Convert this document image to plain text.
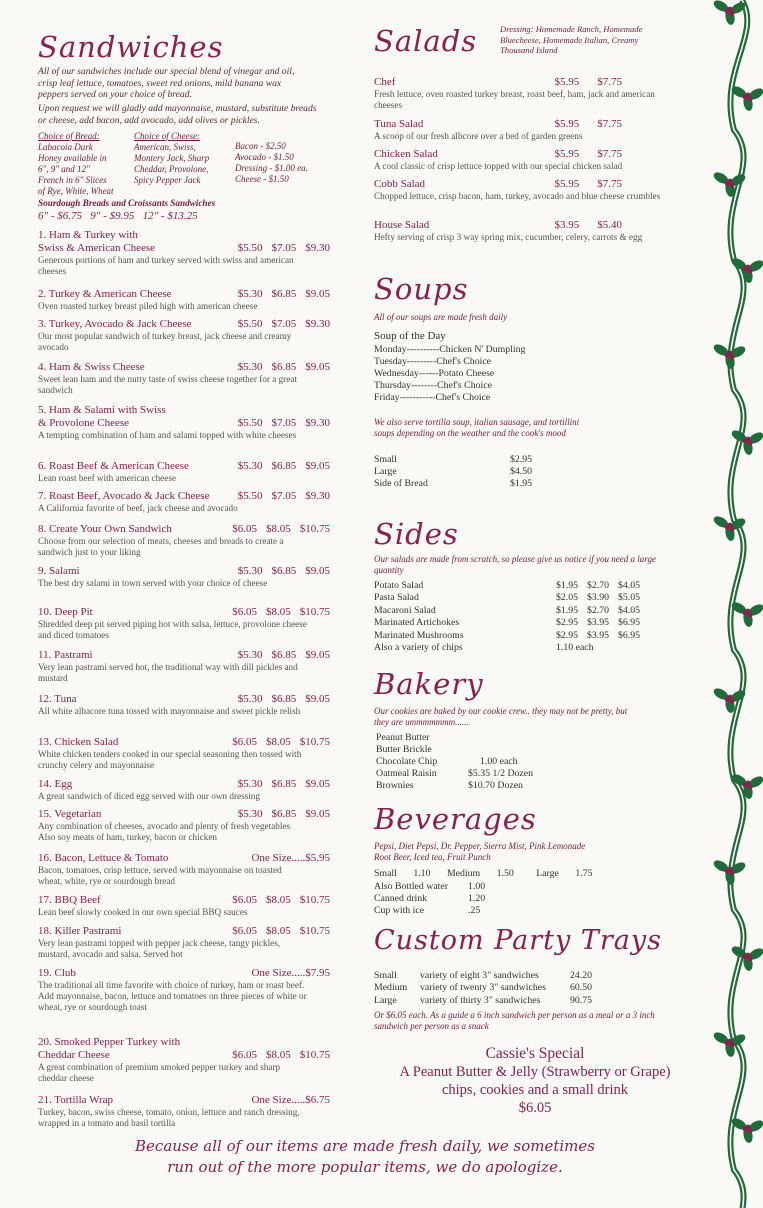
Sandwiches
All of our sandwiches include our special blend of vinegar and oil, crisp leaf lettuce, tomatoes, sweet red onions, mild banana wax peppers served on your choice of bread.
Upon request we will gladly add mayonnaise, mustard, substitute breads or cheese, add bacon, add avocado, add olives or pickles.
Choice of Bread:
Labacoia Dark
Honey available in
6", 9" and 12"
French in 6" Slices
of Rye, White, Wheat
Choice of Cheese:
American, Swiss,
Montery Jack, Sharp
Cheddar, Provolone,
Spicy Pepper Jack
Bacon - $2.50
Avocado - $1.50
Dressing - $1.00 ea.
Cheese - $1.50
Sourdough Breads and Croissants Sandwiches
6" - $6.75   9" - $9.95   12" - $13.25
1. Ham & Turkey with
Swiss & American Cheese	$5.50 $7.05 $9.30
Generous portions of ham and turkey served with swiss and american cheeses
2. Turkey & American Cheese	$5.30 $6.85 $9.05
Oven roasted turkey breast piled high with american cheese
3. Turkey, Avocado & Jack Cheese	$5.50 $7.05 $9.30
Our most popular sandwich of turkey breast, jack cheese and creamy avocado
4. Ham & Swiss Cheese	$5.30 $6.85 $9.05
Sweet lean ham and the nutty taste of swiss cheese together for a great sandwich
5. Ham & Salami with Swiss
& Provolone Cheese	$5.50 $7.05 $9.30
A tempting combination of ham and salami topped with white cheeses
6. Roast Beef & American Cheese	$5.30 $6.85 $9.05
Lean roast beef with american cheese
7. Roast Beef, Avocado & Jack Cheese	$5.50 $7.05 $9.30
A California favorite of beef, jack cheese and avocado
8. Create Your Own Sandwich	$6.05 $8.05 $10.75
Choose from our selection of meats, cheeses and breads to create a sandwich just to your liking
9. Salami	$5.30 $6.85 $9.05
The best dry salami in town served with your choice of cheese
10. Deep Pit	$6.05 $8.05 $10.75
Shredded deep pit served piping hot with salsa, lettuce, provolone cheese and diced tomatoes
11. Pastrami	$5.30 $6.85 $9.05
Very lean pastrami served hot, the traditional way with dill pickles and mustard
12. Tuna	$5.30 $6.85 $9.05
All white albacore tuna tossed with mayonnaise and sweet pickle relish
13. Chicken Salad	$6.05 $8.05 $10.75
White chicken tenders cooked in our special seasoning then tossed with crunchy celery and mayonnaise
14. Egg	$5.30 $6.85 $9.05
A great sandwich of diced egg served with our own dressing
15. Vegetarian	$5.30 $6.85 $9.05
Any combination of cheeses, avocado and plenty of fresh vegetables Also soy meats of ham, turkey, bacon or chicken
16. Bacon, Lettuce & Tomato	One Size.....$5.95
Bacon, tomatoes, crisp lettuce, served with mayonnaise on toasted wheat, white, rye or sourdough bread
17. BBQ Beef	$6.05 $8.05 $10.75
Lean beef slowly cooked in our own special BBQ sauces
18. Killer Pastrami	$6.05 $8.05 $10.75
Very lean pastrami topped with pepper jack cheese, tangy pickles, mustard, avocado and salsa. Served hot
19. Club	One Size.....$7.95
The traditional all time favorite with choice of turkey, ham or roast beef. Add mayonnaise, bacon, lettuce and tomatoes on three pieces of white or wheat, rye or sourdough toast
20. Smoked Pepper Turkey with
Cheddar Cheese	$6.05 $8.05 $10.75
A great combination of premium smoked pepper turkey and sharp cheddar cheese
21. Tortilla Wrap	One Size.....$6.75
Turkey, bacon, swiss cheese, tomato, onion, lettuce and ranch dressing, wrapped in a tomato and basil tortilla
Salads	Dressing: Homemade Ranch, Homemade Bluecheese, Homemade Italian, Creamy Thousand Island
Chef	$5.95 $7.75
Fresh lettuce, oven roasted turkey breast, roast beef, ham, jack and american cheeses
Tuna Salad	$5.95 $7.75
A scoop of our fresh albcore over a bed of garden greens
Chicken Salad	$5.95 $7.75
A cool classic of crisp lettuce topped with our special chicken salad
Cobb Salad	$5.95 $7.75
Chopped lettuce, crisp bacon, ham, turkey, avocado and blue cheese crumbles
House Salad	$3.95 $5.40
Hefty serving of crisp 3 way spring mix, cucumber, celery, carrots & egg
Soups
All of our soups are made fresh daily
Soup of the Day
Monday----------Chicken N' Dumpling
Tuesday---------Chef's Choice
Wednesday------Potato Cheese
Thursday--------Chef's Choice
Friday-----------Chef's Choice
We also serve tortilla soup, italian sausage, and tortillini soups depending on the weather and the cook's mood
Small	$2.95
Large	$4.50
Side of Bread	$1.95
Sides
Our salads are made from scratch, so please give us notice if you need a large quantity
Potato Salad	$1.95 $2.70 $4.05
Pasta Salad	$2.05 $3.90 $5.05
Macaroni Salad	$1.95 $2.70 $4.05
Marinated Artichokes	$2.95 $3.95 $6.95
Marinated Mushrooms	$2.95 $3.95 $6.95
Also a variety of chips	1.10 each
Bakery
Our cookies are baked by our cookie crew.. they may not be pretty, but they are ummmmmmm......
Peanut Butter
Butter Brickle
Chocolate Chip	1.00 each
Oatmeal Raisin	$5.35 1/2 Dozen
Brownies	$10.70 Dozen
Beverages
Pepsi, Diet Pepsi, Dr. Pepper, Sierra Mist, Pink Lemonade Root Beer, Iced tea, Fruit Punch
Small 1.10 Medium 1.50 Large 1.75
Also Bottled water 1.00
Canned drink	1.20
Cup with ice	.25
Custom Party Trays
Small variety of eight 3" sandwiches	24.20
Medium variety of twenty 3" sandwiches 60.50
Large variety of thirty 3" sandwiches	90.75
Or $6.05 each. As a guide a 6 inch sandwich per person as a meal or a 3 inch sandwich per person as a snack
Cassie's Special
A Peanut Butter & Jelly (Strawberry or Grape)
chips, cookies and a small drink
$6.05
Because all of our items are made fresh daily, we sometimes
run out of the more popular items, we do apologize.
